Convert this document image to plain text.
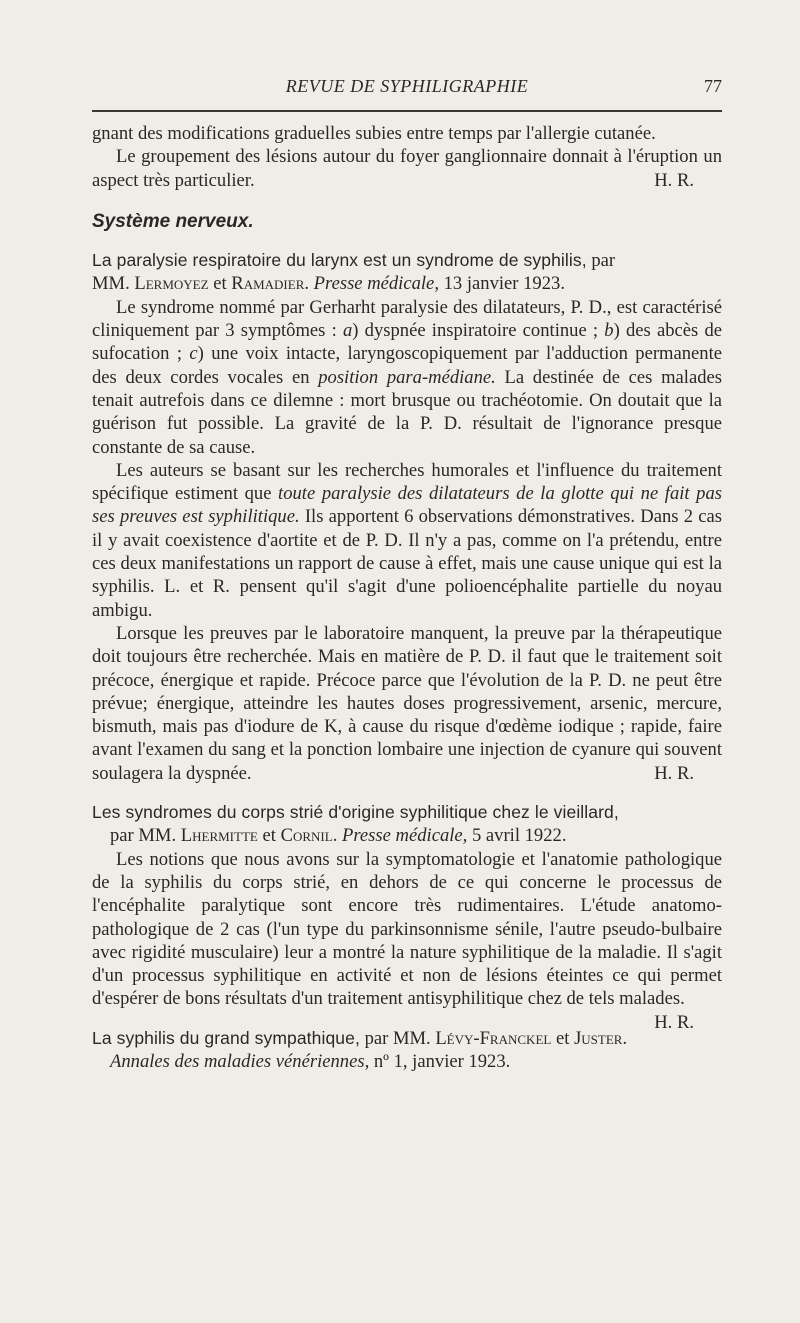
REVUE DE SYPHILIGRAPHIE	77

gnant des modifications graduelles subies entre temps par l'allergie cutanée.

Le groupement des lésions autour du foyer ganglionnaire donnait à l'éruption un aspect très particulier.	H. R.

Système nerveux.

La paralysie respiratoire du larynx est un syndrome de syphilis, par

MM. Lermoyez et Ramadier. Presse médicale, 13 janvier 1923.

Le syndrome nommé par Gerharht paralysie des dilatateurs, P. D., est caractérisé cliniquement par 3 symptômes : a) dyspnée inspiratoire continue ; b) des abcès de sufocation ; c) une voix intacte, laryngoscopiquement par l'adduction permanente des deux cordes vocales en position para-médiane. La destinée de ces malades tenait autrefois dans ce dilemne : mort brusque ou trachéotomie. On doutait que la guérison fut possible. La gravité de la P. D. résultait de l'ignorance presque constante de sa cause.

Les auteurs se basant sur les recherches humorales et l'influence du traitement spécifique estiment que toute paralysie des dilatateurs de la glotte qui ne fait pas ses preuves est syphilitique. Ils apportent 6 observations démonstratives. Dans 2 cas il y avait coexistence d'aortite et de P. D. Il n'y a pas, comme on l'a prétendu, entre ces deux manifestations un rapport de cause à effet, mais une cause unique qui est la syphilis. L. et R. pensent qu'il s'agit d'une polioencéphalite partielle du noyau ambigu.

Lorsque les preuves par le laboratoire manquent, la preuve par la thérapeutique doit toujours être recherchée. Mais en matière de P. D. il faut que le traitement soit précoce, énergique et rapide. Précoce parce que l'évolution de la P. D. ne peut être prévue; énergique, atteindre les hautes doses progressivement, arsenic, mercure, bismuth, mais pas d'iodure de K, à cause du risque d'œdème iodique ; rapide, faire avant l'examen du sang et la ponction lombaire une injection de cyanure qui souvent soulagera la dyspnée.	H. R.

Les syndromes du corps strié d'origine syphilitique chez le vieillard,

par MM. Lhermitte et Cornil. Presse médicale, 5 avril 1922.

Les notions que nous avons sur la symptomatologie et l'anatomie pathologique de la syphilis du corps strié, en dehors de ce qui concerne le processus de l'encéphalite paralytique sont encore très rudimentaires. L'étude anatomo-pathologique de 2 cas (l'un type du parkinsonnisme sénile, l'autre pseudo-bulbaire avec rigidité musculaire) leur a montré la nature syphilitique de la maladie. Il s'agit d'un processus syphilitique en activité et non de lésions éteintes ce qui permet d'espérer de bons résultats d'un traitement antisyphilitique chez de tels malades.
H. R.

La syphilis du grand sympathique, par MM. Lévy-Franckel et Juster.

Annales des maladies vénériennes, nº 1, janvier 1923.
